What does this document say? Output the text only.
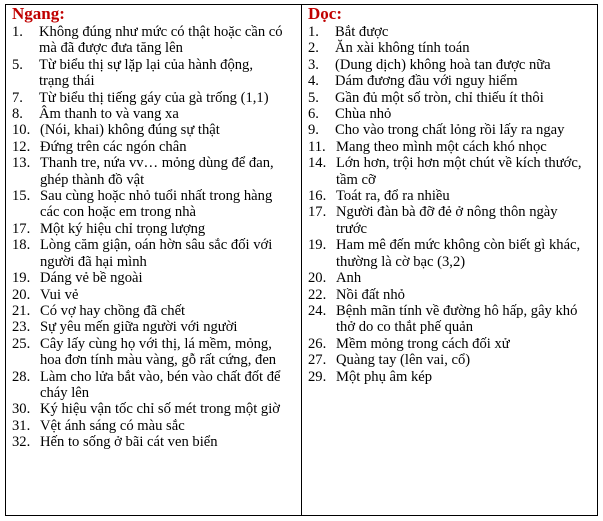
Ngang:
1.	Không đúng như mức có thật hoặc cần có
mà đã được đưa tăng lên
5.	Từ biểu thị sự lặp lại của hành động,
trạng thái
7.	Từ biểu thị tiếng gáy của gà trống (1,1)
8.	Âm thanh to và vang xa
10. (Nói, khai) không đúng sự thật
12. Đứng trên các ngón chân
13. Thanh tre, nứa vv… mỏng dùng để đan,
ghép thành đồ vật
15. Sau cùng hoặc nhỏ tuổi nhất trong hàng
các con hoặc em trong nhà
17. Một ký hiệu chỉ trọng lượng
18. Lòng căm giận, oán hờn sâu sắc đối với
người đã hại mình
19. Dáng vẻ bề ngoài
20. Vui vẻ
21. Có vợ hay chồng đã chết
23. Sự yêu mến giữa người với người
25. Cây lấy cùng họ với thị, lá mềm, mỏng,
hoa đơn tính màu vàng, gỗ rất cứng, đen
28. Làm cho lửa bắt vào, bén vào chất đốt để
cháy lên
30. Ký hiệu vận tốc chỉ số mét trong một giờ
31. Vệt ánh sáng có màu sắc
32. Hến to sống ở bãi cát ven biển
Dọc:
1.	Bắt được
2.	Ăn xài không tính toán
3.	(Dung dịch) không hoà tan được nữa
4.	Dám đương đầu với nguy hiểm
5.	Gần đủ một số tròn, chỉ thiếu ít thôi
6.	Chùa nhỏ
9.	Cho vào trong chất lỏng rồi lấy ra ngay
11. Mang theo mình một cách khó nhọc
14. Lớn hơn, trội hơn một chút về kích thước,
tầm cỡ
16. Toát ra, đổ ra nhiều
17. Người đàn bà đỡ đẻ ở nông thôn ngày
trước
19. Ham mê đến mức không còn biết gì khác,
thường là cờ bạc (3,2)
20. Anh
22. Nồi đất nhỏ
24. Bệnh mãn tính về đường hô hấp, gây khó
thở do co thắt phế quản
26. Mềm mỏng trong cách đối xử
27. Quàng tay (lên vai, cổ)
29. Một phụ âm kép
